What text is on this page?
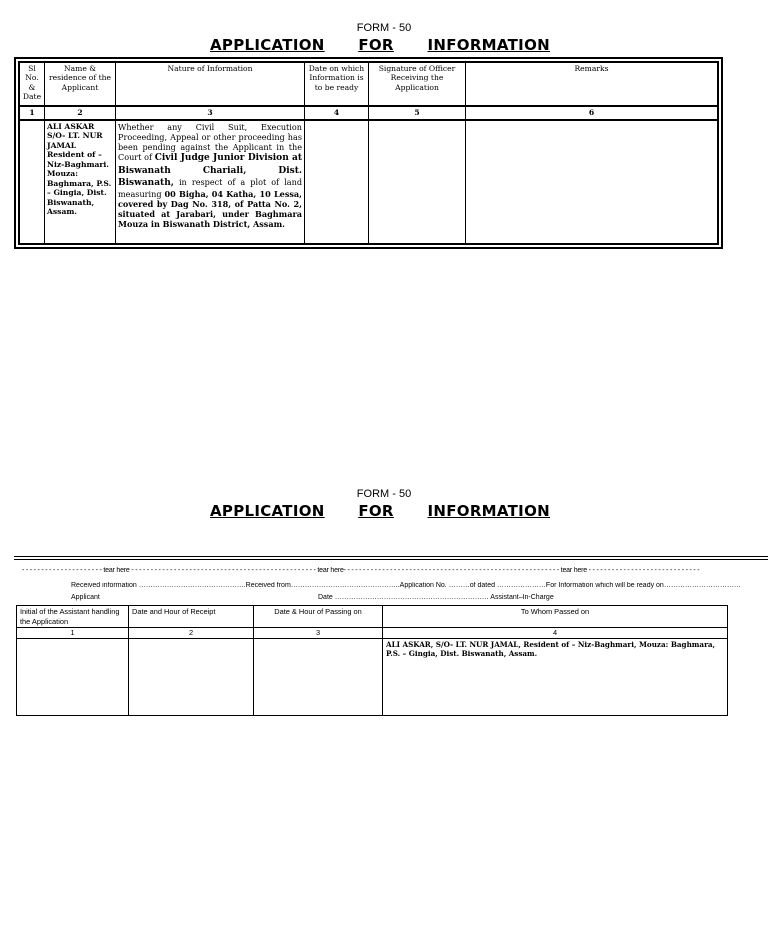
FORM - 50
APPLICATION FOR INFORMATION
Sl No. & Date	Name & residence of the Applicant	Nature of Information	Date on which Information is to be ready	Signature of Officer Receiving the Application	Remarks
1	2	3	4	5	6
	ALI ASKAR S/O- LT. NUR JAMAL Resident of – Niz-Baghmari. Mouza: Baghmara, P.S. – Gingia, Dist. Biswanath, Assam.	Whether any Civil Suit, Execution Proceeding, Appeal or other proceeding has been pending against the Applicant in the Court of Civil Judge Junior Division at Biswanath Chariali, Dist. Biswanath, in respect of a plot of land measuring 00 Bigha, 04 Katha, 10 Lessa, covered by Dag No. 318, of Patta No. 2, situated at Jarabari, under Baghmara Mouza in Biswanath District, Assam.			
FORM - 50
APPLICATION FOR INFORMATION
- - - - - - - - - - - - - - - - - - - - - tear here - - - - - - - - - - - - - - - - - - - - - - - - - - - - - - - - - - - - - - - - - - - - - - - - tear here- - - - - - - - - - - - - - - - - - - - - - - - - - - - - - - - - - - - - - - - - - - - - - - - - - - - - - - - tear here - - - - - - - - - - - - - - - - - - - - - - - - - - - - -
Received information ……………………………………….Received from………………………………………..Application No. ………of dated …………………For Information which will be ready on……………………………
Applicant	Date ………………………………………………………… Assistant–In-Charge
Initial of the Assistant handling the Application	Date and Hour of Receipt	Date & Hour of Passing on	To Whom Passed on
1	2	3	4
			ALI ASKAR, S/O- LT. NUR JAMAL, Resident of – Niz-Baghmari, Mouza: Baghmara, P.S. – Gingia, Dist. Biswanath, Assam.
